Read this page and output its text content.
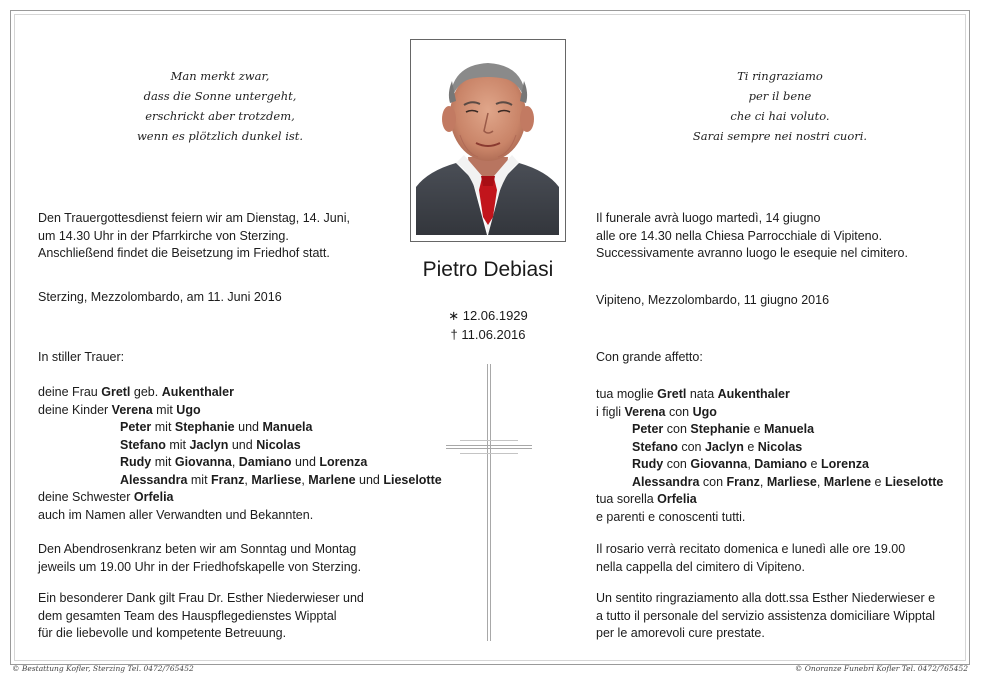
Man merkt zwar,
dass die Sonne untergeht,
erschrickt aber trotzdem,
wenn es plötzlich dunkel ist.
Ti ringraziamo
per il bene
che ci hai voluto.
Sarai sempre nei nostri cuori.
Pietro Debiasi
∗ 12.06.1929
† 11.06.2016
Den Trauergottesdienst feiern wir am Dienstag, 14. Juni,
um 14.30 Uhr in der Pfarrkirche von Sterzing.
Anschließend findet die Beisetzung im Friedhof statt.
Sterzing, Mezzolombardo, am 11. Juni 2016
In stiller Trauer:
deine Frau Gretl geb. Aukenthaler
deine Kinder Verena mit Ugo
Peter mit Stephanie und Manuela
Stefano mit Jaclyn und Nicolas
Rudy mit Giovanna, Damiano und Lorenza
Alessandra mit Franz, Marliese, Marlene und Lieselotte
deine Schwester Orfelia
auch im Namen aller Verwandten und Bekannten.
Den Abendrosenkranz beten wir am Sonntag und Montag
jeweils um 19.00 Uhr in der Friedhofskapelle von Sterzing.
Ein besonderer Dank gilt Frau Dr. Esther Niederwieser und
dem gesamten Team des Hauspflegedienstes Wipptal
für die liebevolle und kompetente Betreuung.
Il funerale avrà luogo martedì, 14 giugno
alle ore 14.30 nella Chiesa Parrocchiale di Vipiteno.
Successivamente avranno luogo le esequie nel cimitero.
Vipiteno, Mezzolombardo, 11 giugno 2016
Con grande affetto:
tua moglie Gretl nata Aukenthaler
i figli Verena con Ugo
Peter con Stephanie e Manuela
Stefano con Jaclyn e Nicolas
Rudy con Giovanna, Damiano e Lorenza
Alessandra con Franz, Marliese, Marlene e Lieselotte
tua sorella Orfelia
e parenti e conoscenti tutti.
Il rosario verrà recitato domenica e lunedì alle ore 19.00
nella cappella del cimitero di Vipiteno.
Un sentito ringraziamento alla dott.ssa Esther Niederwieser e
a tutto il personale del servizio assistenza domiciliare Wipptal
per le amorevoli cure prestate.
© Bestattung Kofler, Sterzing Tel. 0472/765452	© Onoranze Funebri Kofler Tel. 0472/765452
